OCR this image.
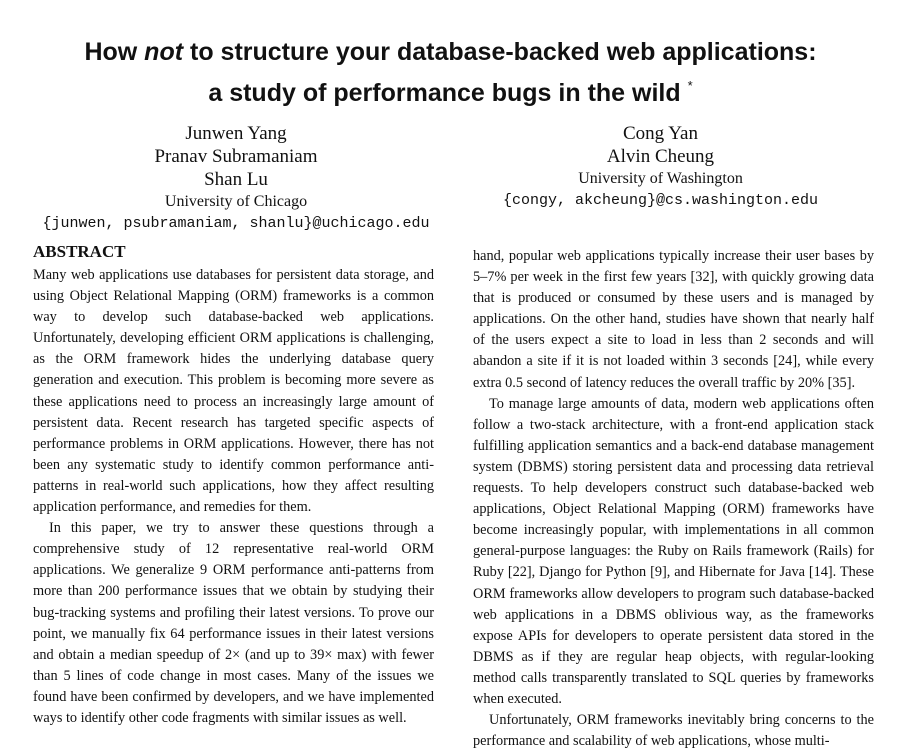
How not to structure your database-backed web applications:
a study of performance bugs in the wild *
Junwen Yang
Pranav Subramaniam
Shan Lu
University of Chicago
{junwen, psubramaniam, shanlu}@uchicago.edu
Cong Yan
Alvin Cheung
University of Washington
{congy, akcheung}@cs.washington.edu
ABSTRACT

Many web applications use databases for persistent data storage, and using Object Relational Mapping (ORM) frameworks is a common way to develop such database-backed web applications. Unfortunately, developing efficient ORM applications is challenging, as the ORM framework hides the underlying database query generation and execution. This problem is becoming more severe as these applications need to process an increasingly large amount of persistent data. Recent research has targeted specific aspects of performance problems in ORM applications. However, there has not been any systematic study to identify common performance anti-patterns in real-world such applications, how they affect resulting application performance, and remedies for them.

In this paper, we try to answer these questions through a comprehensive study of 12 representative real-world ORM applications. We generalize 9 ORM performance anti-patterns from more than 200 performance issues that we obtain by studying their bug-tracking systems and profiling their latest versions. To prove our point, we manually fix 64 performance issues in their latest versions and obtain a median speedup of 2× (and up to 39× max) with fewer than 5 lines of code change in most cases. Many of the issues we found have been confirmed by developers, and we have implemented ways to identify other code fragments with similar issues as well.

hand, popular web applications typically increase their user bases by 5–7% per week in the first few years [32], with quickly growing data that is produced or consumed by these users and is managed by applications. On the other hand, studies have shown that nearly half of the users expect a site to load in less than 2 seconds and will abandon a site if it is not loaded within 3 seconds [24], while every extra 0.5 second of latency reduces the overall traffic by 20% [35].

To manage large amounts of data, modern web applications often follow a two-stack architecture, with a front-end application stack fulfilling application semantics and a back-end database management system (DBMS) storing persistent data and processing data retrieval requests. To help developers construct such database-backed web applications, Object Relational Mapping (ORM) frameworks have become increasingly popular, with implementations in all common general-purpose languages: the Ruby on Rails framework (Rails) for Ruby [22], Django for Python [9], and Hibernate for Java [14]. These ORM frameworks allow developers to program such database-backed web applications in a DBMS oblivious way, as the frameworks expose APIs for developers to operate persistent data stored in the DBMS as if they are regular heap objects, with regular-looking method calls transparently translated to SQL queries by frameworks when executed.

Unfortunately, ORM frameworks inevitably bring concerns to the performance and scalability of web applications, whose multi-
